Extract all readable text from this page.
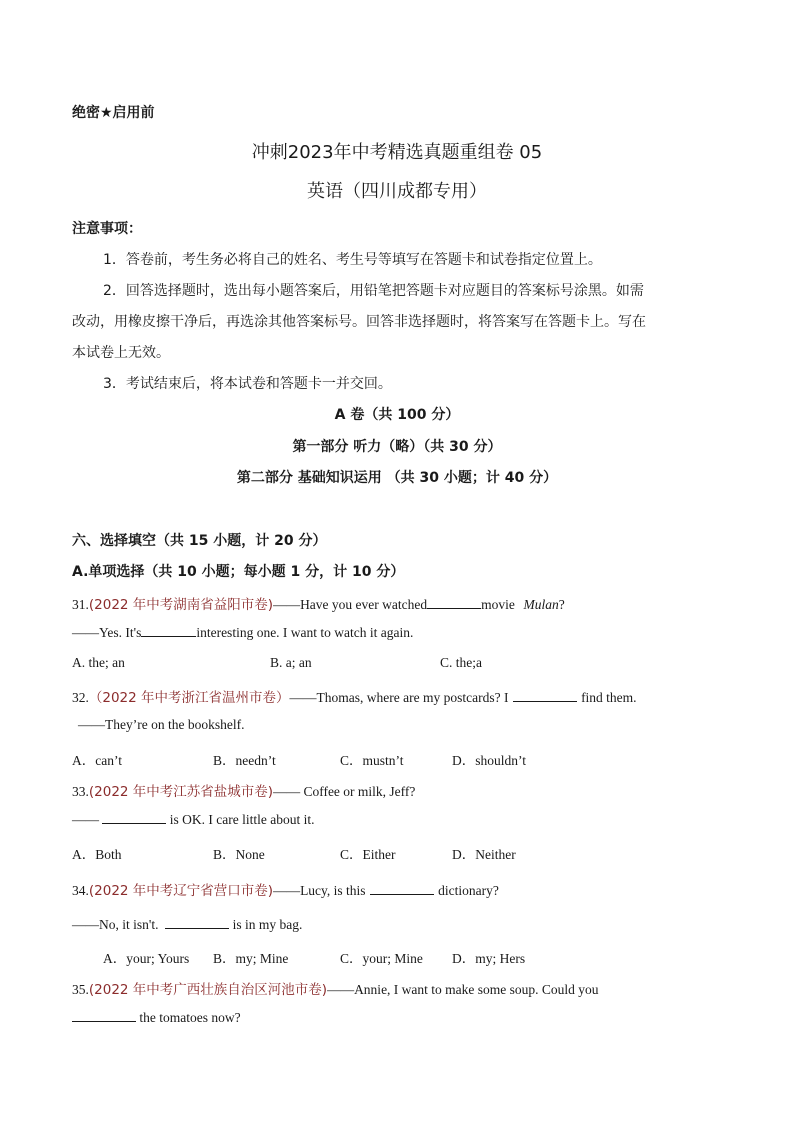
绝密★启用前
冲刺2023年中考精选真题重组卷 05
英语（四川成都专用）
注意事项：
1．答卷前，考生务必将自己的姓名、考生号等填写在答题卡和试卷指定位置上。
2．回答选择题时，选出每小题答案后，用铅笔把答题卡对应题目的答案标号涂黑。如需
改动，用橡皮擦干净后，再选涂其他答案标号。回答非选择题时，将答案写在答题卡上。写在
本试卷上无效。
3．考试结束后，将本试卷和答题卡一并交回。
A 卷（共 100 分）
第一部分 听力（略）（共 30 分）
第二部分 基础知识运用 （共 30 小题；计 40 分）
六、选择填空（共 15 小题，计 20 分）
A.单项选择（共 10 小题；每小题 1 分，计 10 分）
31.(2022 年中考湖南省益阳市卷)——Have you ever watched	movie Mulan?
——Yes. It's	interesting one. I want to watch it again.
A. the; an	B. a; an	C. the;a
32.（2022 年中考浙江省温州市卷）——Thomas, where are my postcards? I	find them.
——They’re on the bookshelf.
A．can’t	B．needn’t	C．mustn’t	D．shouldn’t
33.(2022 年中考江苏省盐城市卷)—— Coffee or milk, Jeff?
——	is OK. I care little about it.
A．Both	B．None	C．Either	D．Neither
34.(2022 年中考辽宁省营口市卷)——Lucy, is this	dictionary?
——No, it isn't.	is in my bag.
A．your; Yours B．my; Mine	C．your; Mine D．my; Hers
35.(2022 年中考广西壮族自治区河池市卷)——Annie, I want to make some soup. Could you
the tomatoes now?
